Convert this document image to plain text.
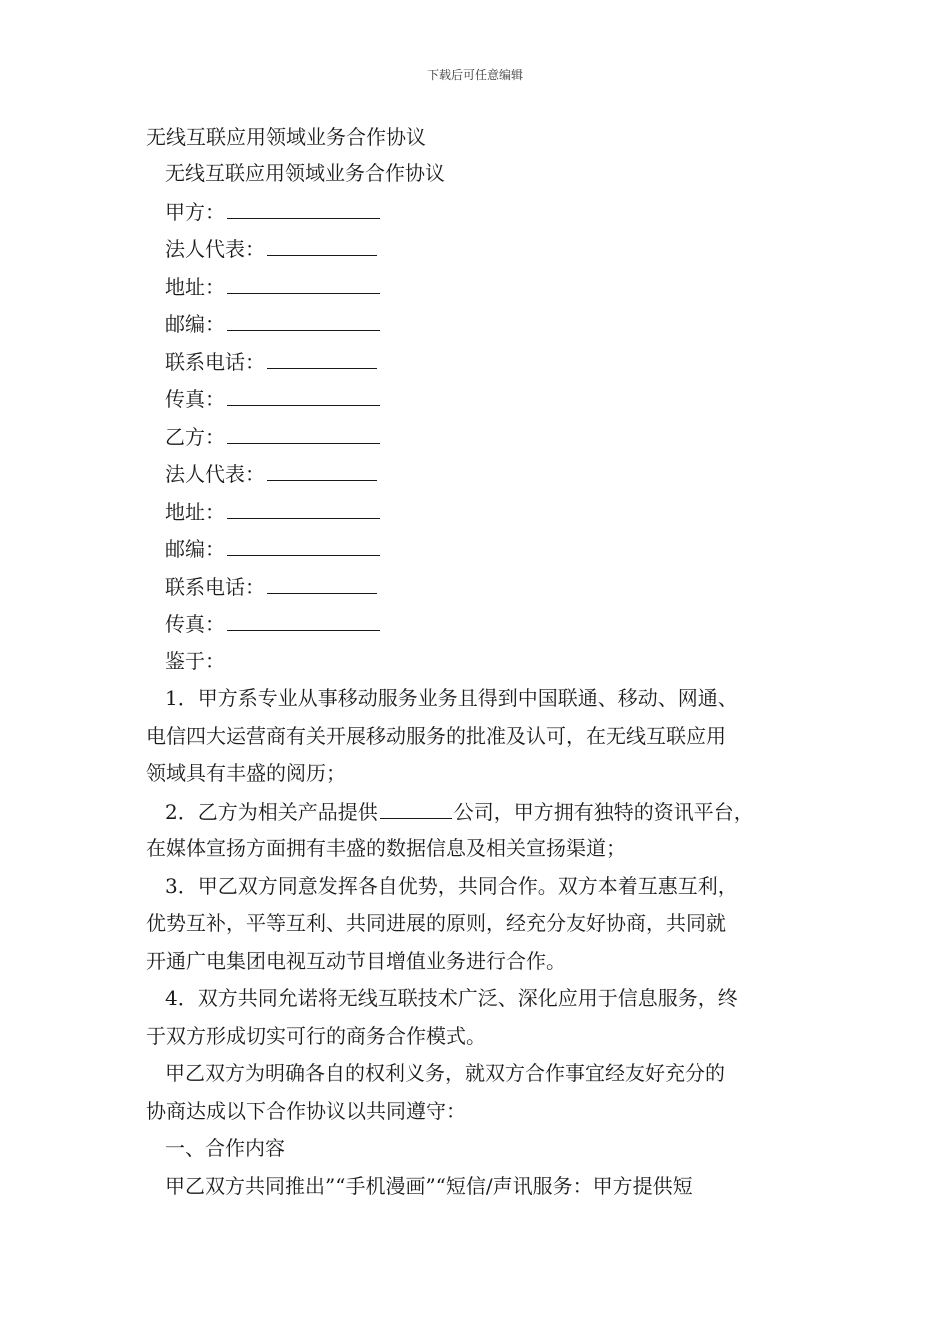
下载后可任意编辑
无线互联应用领域业务合作协议
无线互联应用领域业务合作协议
甲方：
法人代表：
地址：
邮编：
联系电话：
传真：
乙方：
法人代表：
地址：
邮编：
联系电话：
传真：
鉴于：
1．甲方系专业从事移动服务业务且得到中国联通、移动、网通、
电信四大运营商有关开展移动服务的批准及认可，在无线互联应用
领域具有丰盛的阅历；
2．乙方为相关产品提供	公司，甲方拥有独特的资讯平台，
在媒体宣扬方面拥有丰盛的数据信息及相关宣扬渠道；
3．甲乙双方同意发挥各自优势，共同合作。双方本着互惠互利，
优势互补，平等互利、共同进展的原则，经充分友好协商，共同就
开通广电集团电视互动节目增值业务进行合作。
4．双方共同允诺将无线互联技术广泛、深化应用于信息服务，终
于双方形成切实可行的商务合作模式。
甲乙双方为明确各自的权利义务，就双方合作事宜经友好充分的
协商达成以下合作协议以共同遵守：
一、合作内容
甲乙双方共同推出”“手机漫画”“短信/声讯服务：甲方提供短
